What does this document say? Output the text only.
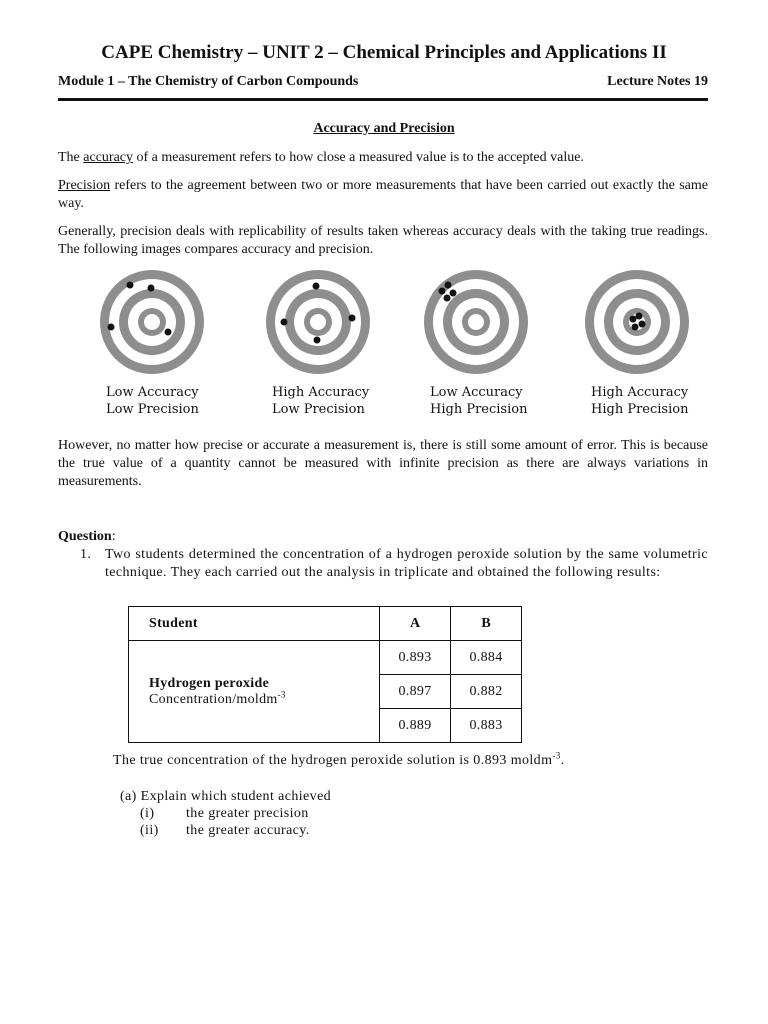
CAPE Chemistry – UNIT 2 – Chemical Principles and Applications II
Module 1 – The Chemistry of Carbon Compounds	Lecture Notes 19
Accuracy and Precision
The accuracy of a measurement refers to how close a measured value is to the accepted value.
Precision refers to the agreement between two or more measurements that have been carried out exactly the same way.
Generally, precision deals with replicability of results taken whereas accuracy deals with the taking true readings. The following images compares accuracy and precision.
Low Accuracy
Low Precision
High Accuracy
Low Precision
Low Accuracy
High Precision
High Accuracy
High Precision
However, no matter how precise or accurate a measurement is, there is still some amount of error. This is because the true value of a quantity cannot be measured with infinite precision as there are always variations in measurements.
Question:
1. Two students determined the concentration of a hydrogen peroxide solution by the same volumetric technique. They each carried out the analysis in triplicate and obtained the following results:
Student	A	B

Hydrogen peroxide
Concentration/moldm$^{-3}$	0.893	0.884
	0.897	0.882
	0.889	0.883
The true concentration of the hydrogen peroxide solution is 0.893 moldm$^{-3}$.
(a) Explain which student achieved
(i) the greater precision
(ii) the greater accuracy.
